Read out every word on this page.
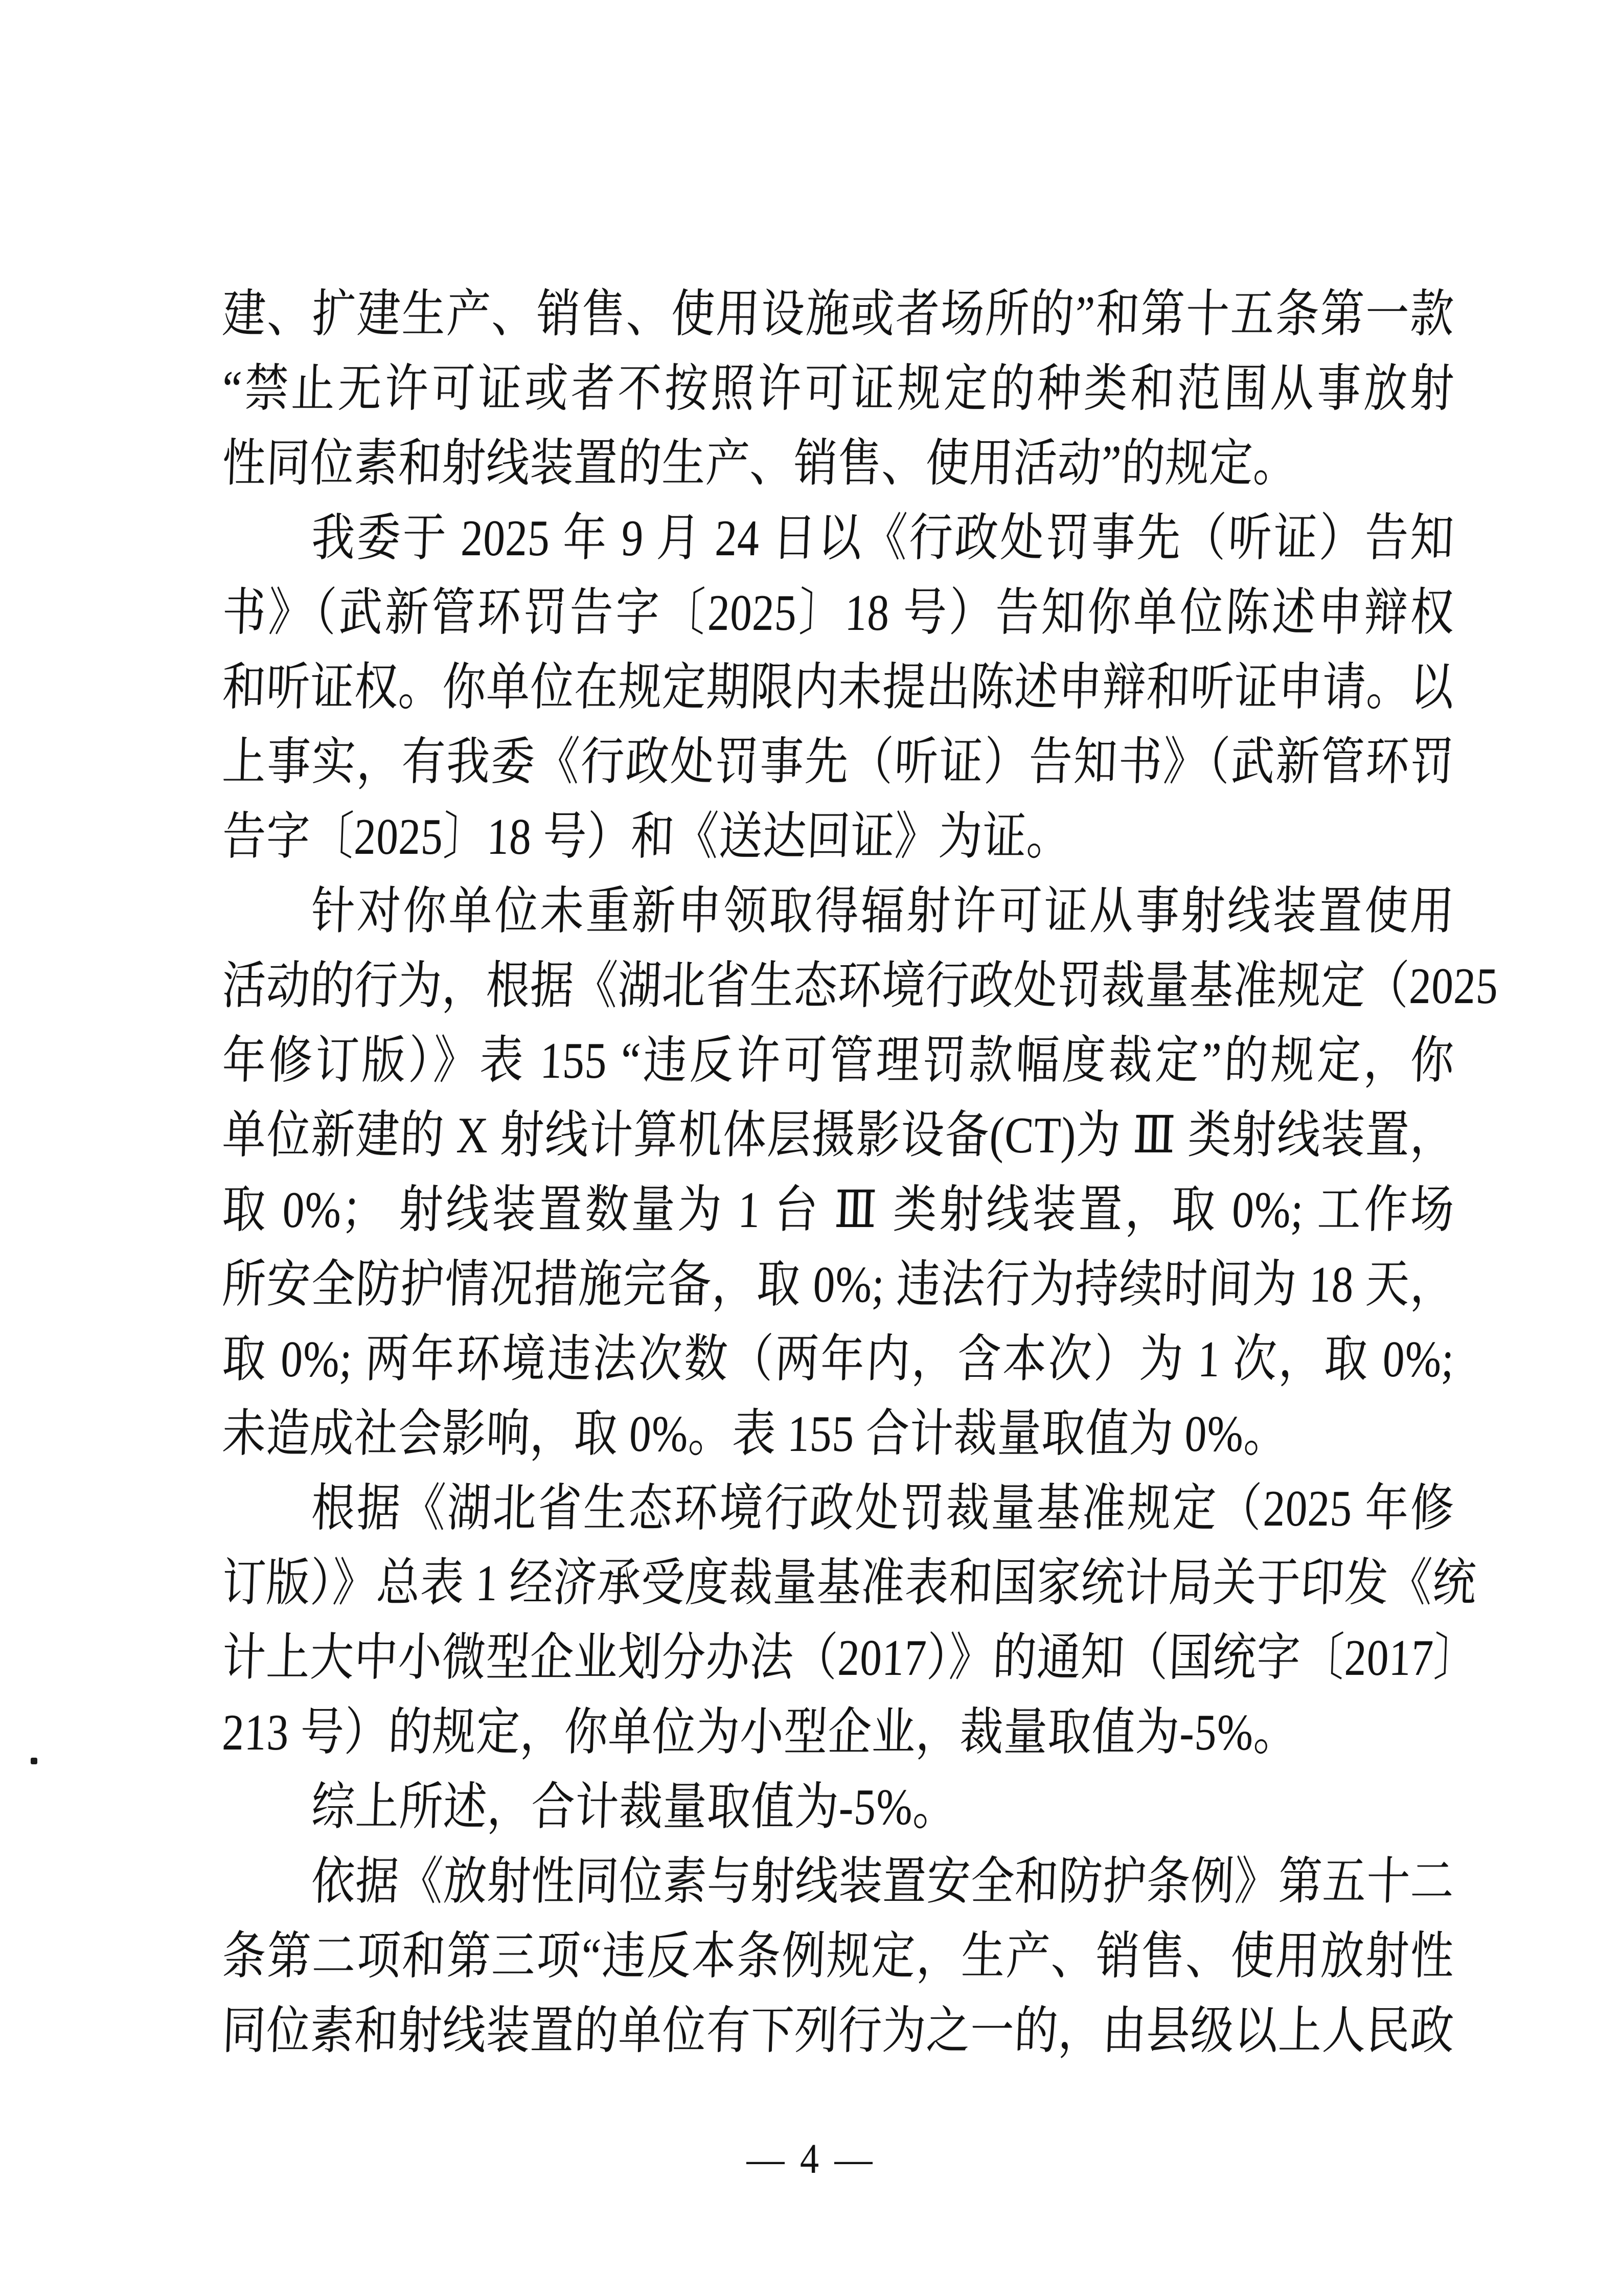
建、扩建生产、销售、使用设施或者场所的”和第十五条第一款
“禁止无许可证或者不按照许可证规定的种类和范围从事放射
性同位素和射线装置的生产、销售、使用活动”的规定。
我委于 2025 年 9 月 24 日以《行政处罚事先（听证）告知
书》（武新管环罚告字〔2025〕18 号）告知你单位陈述申辩权
和听证权。你单位在规定期限内未提出陈述申辩和听证申请。以
上事实，有我委《行政处罚事先（听证）告知书》（武新管环罚
告字〔2025〕18 号）和《送达回证》为证。
针对你单位未重新申领取得辐射许可证从事射线装置使用
活动的行为，根据《湖北省生态环境行政处罚裁量基准规定（2025
年修订版）》表 155 “违反许可管理罚款幅度裁定”的规定，你
单位新建的 X 射线计算机体层摄影设备(CT)为 Ⅲ 类射线装置，
取 0%； 射线装置数量为 1 台 Ⅲ 类射线装置，取 0%; 工作场
所安全防护情况措施完备，取 0%; 违法行为持续时间为 18 天，
取 0%; 两年环境违法次数（两年内，含本次）为 1 次，取 0%;
未造成社会影响，取 0%。表 155 合计裁量取值为 0%。
根据《湖北省生态环境行政处罚裁量基准规定（2025 年修
订版）》总表 1 经济承受度裁量基准表和国家统计局关于印发《统
计上大中小微型企业划分办法（2017）》的通知（国统字〔2017〕
213 号）的规定，你单位为小型企业，裁量取值为-5%。
综上所述，合计裁量取值为-5%。
依据《放射性同位素与射线装置安全和防护条例》第五十二
条第二项和第三项“违反本条例规定，生产、销售、使用放射性
同位素和射线装置的单位有下列行为之一的，由县级以上人民政
— 4 —
